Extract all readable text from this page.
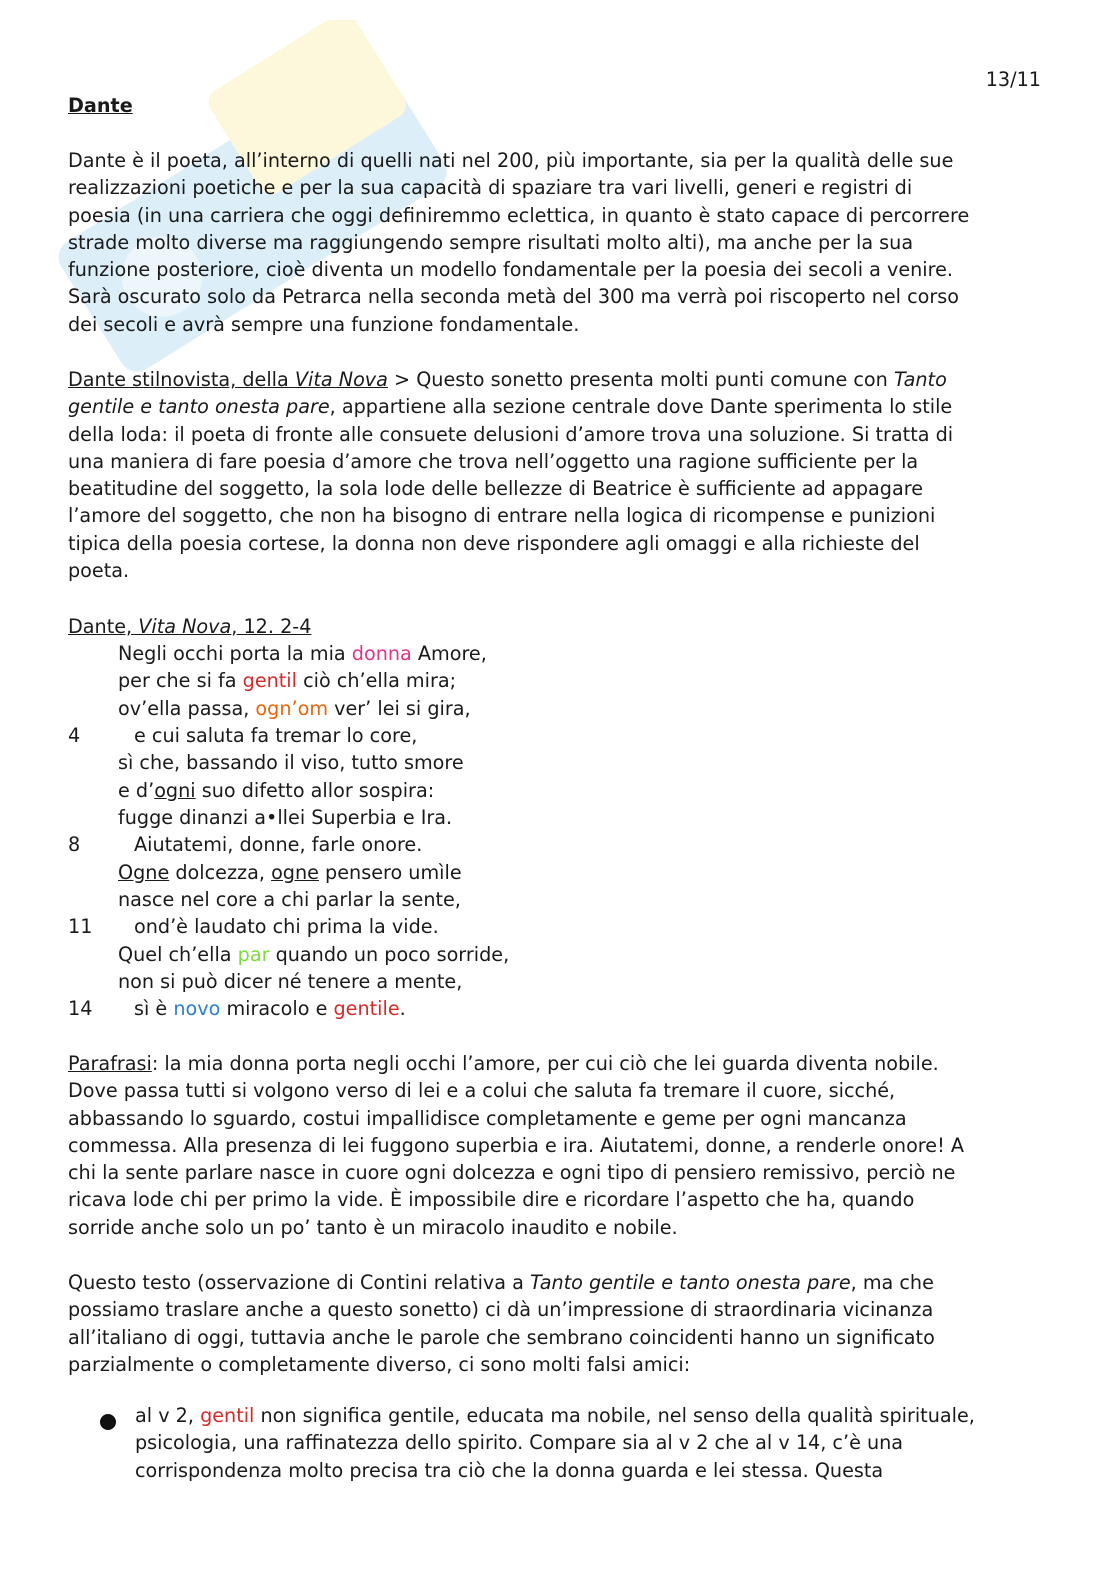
13/11
Dante

Dante è il poeta, all’interno di quelli nati nel 200, più importante, sia per la qualità delle sue

realizzazioni poetiche e per la sua capacità di spaziare tra vari livelli, generi e registri di

poesia (in una carriera che oggi definiremmo eclettica, in quanto è stato capace di percorrere

strade molto diverse ma raggiungendo sempre risultati molto alti), ma anche per la sua

funzione posteriore, cioè diventa un modello fondamentale per la poesia dei secoli a venire.

Sarà oscurato solo da Petrarca nella seconda metà del 300 ma verrà poi riscoperto nel corso

dei secoli e avrà sempre una funzione fondamentale.

Dante stilnovista, della Vita Nova > Questo sonetto presenta molti punti comune con Tanto

gentile e tanto onesta pare, appartiene alla sezione centrale dove Dante sperimenta lo stile

della loda: il poeta di fronte alle consuete delusioni d’amore trova una soluzione. Si tratta di

una maniera di fare poesia d’amore che trova nell’oggetto una ragione sufficiente per la

beatitudine del soggetto, la sola lode delle bellezze di Beatrice è sufficiente ad appagare

l’amore del soggetto, che non ha bisogno di entrare nella logica di ricompense e punizioni

tipica della poesia cortese, la donna non deve rispondere agli omaggi e alla richieste del

poeta.

Dante, Vita Nova, 12. 2-4
Negli occhi porta la mia donna Amore,
per che si fa gentil ciò ch’ella mira;
ov’ella passa, ogn’om ver’ lei si gira,
4	e cui saluta fa tremar lo core,
sì che, bassando il viso, tutto smore
e d’ogni suo difetto allor sospira:
fugge dinanzi a•llei Superbia e Ira.
8	Aiutatemi, donne, farle onore.
Ogne dolcezza, ogne pensero umìle
nasce nel core a chi parlar la sente,
11	ond’è laudato chi prima la vide.
Quel ch’ella par quando un poco sorride,
non si può dicer né tenere a mente,
14	sì è novo miracolo e gentile.

Parafrasi: la mia donna porta negli occhi l’amore, per cui ciò che lei guarda diventa nobile.

Dove passa tutti si volgono verso di lei e a colui che saluta fa tremare il cuore, sicché,

abbassando lo sguardo, costui impallidisce completamente e geme per ogni mancanza

commessa. Alla presenza di lei fuggono superbia e ira. Aiutatemi, donne, a renderle onore! A

chi la sente parlare nasce in cuore ogni dolcezza e ogni tipo di pensiero remissivo, perciò ne

ricava lode chi per primo la vide. È impossibile dire e ricordare l’aspetto che ha, quando

sorride anche solo un po’ tanto è un miracolo inaudito e nobile.

Questo testo (osservazione di Contini relativa a Tanto gentile e tanto onesta pare, ma che

possiamo traslare anche a questo sonetto) ci dà un’impressione di straordinaria vicinanza

all’italiano di oggi, tuttavia anche le parole che sembrano coincidenti hanno un significato

parzialmente o completamente diverso, ci sono molti falsi amici:

al v 2, gentil non significa gentile, educata ma nobile, nel senso della qualità spirituale,

psicologia, una raffinatezza dello spirito. Compare sia al v 2 che al v 14, c’è una

corrispondenza molto precisa tra ciò che la donna guarda e lei stessa. Questa
